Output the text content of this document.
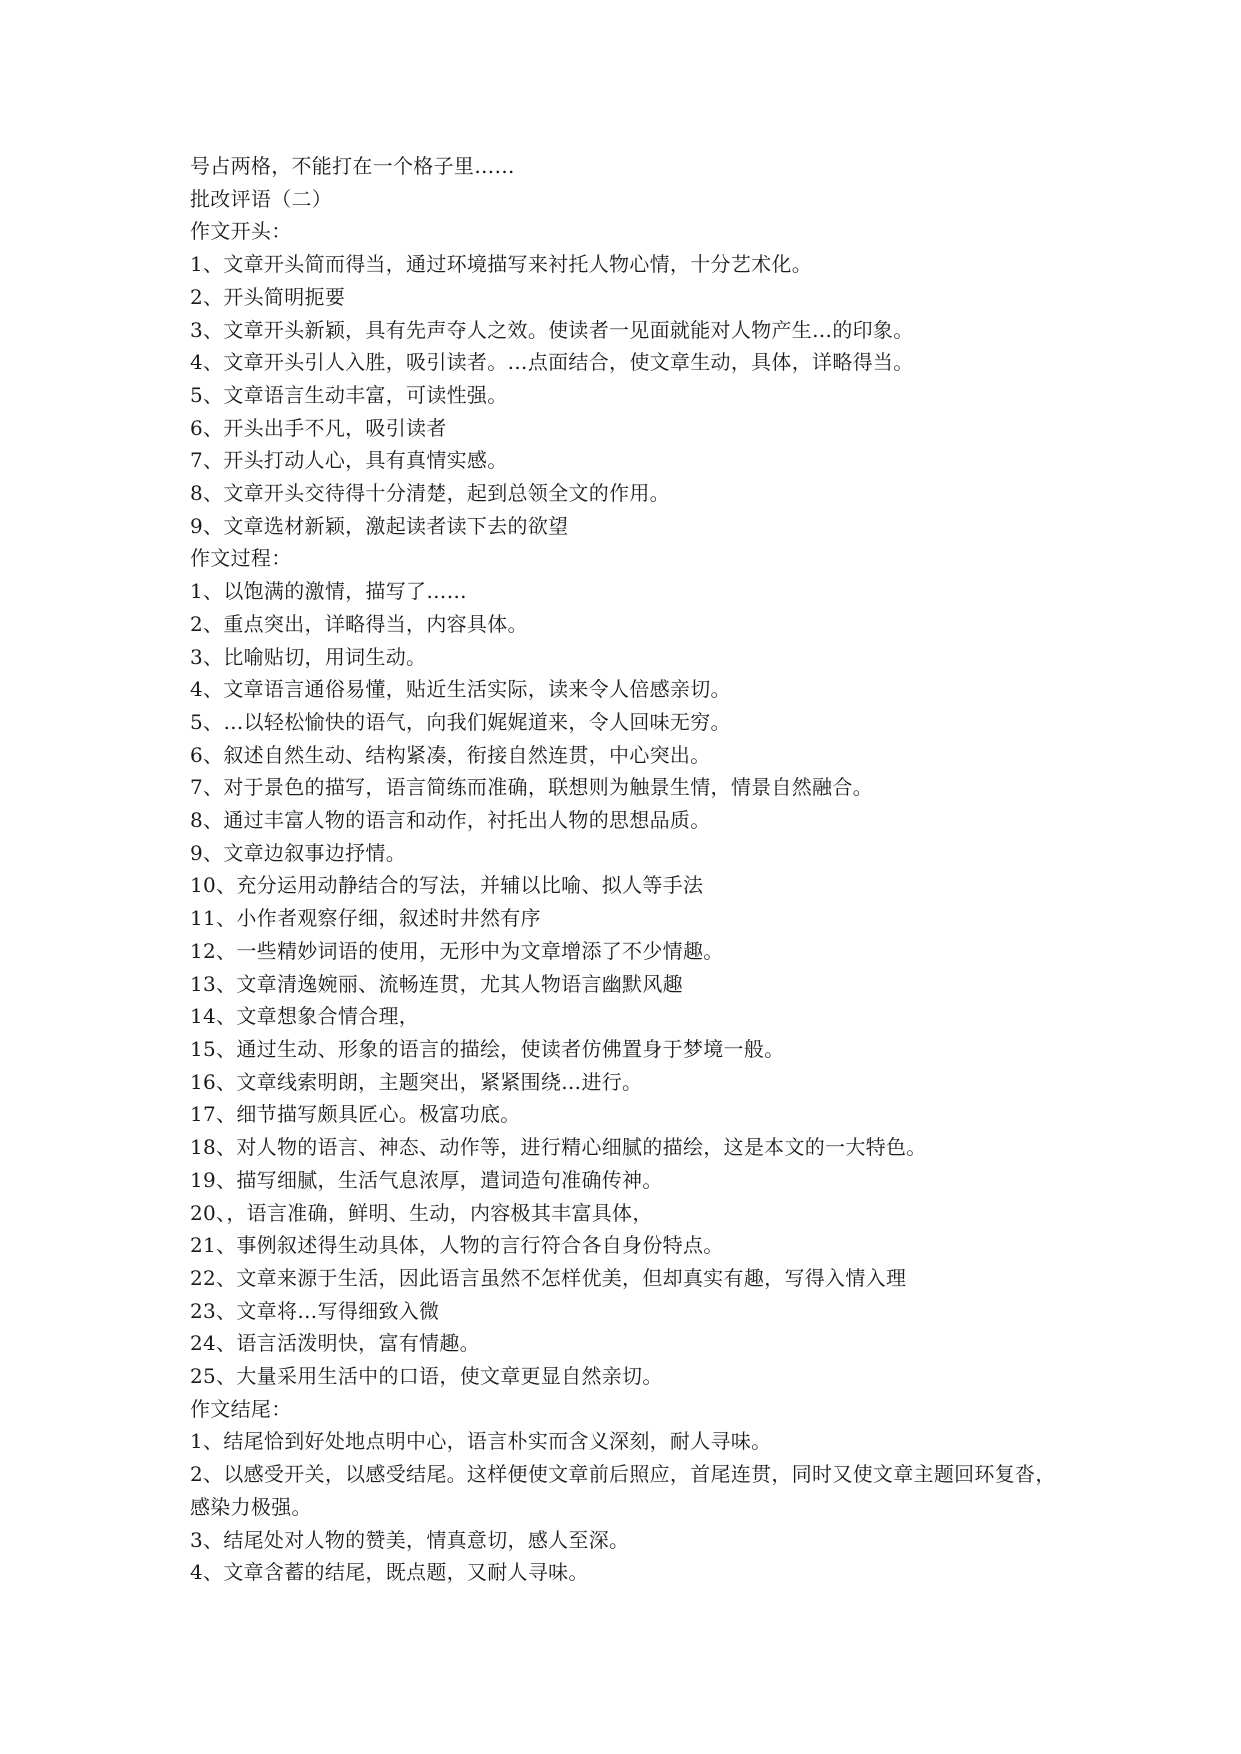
号占两格，不能打在一个格子里……
批改评语（二）
作文开头：
1、文章开头简而得当，通过环境描写来衬托人物心情，十分艺术化。
2、开头简明扼要
3、文章开头新颖，具有先声夺人之效。使读者一见面就能对人物产生…的印象。
4、文章开头引人入胜，吸引读者。…点面结合，使文章生动，具体，详略得当。
5、文章语言生动丰富，可读性强。
6、开头出手不凡，吸引读者
7、开头打动人心，具有真情实感。
8、文章开头交待得十分清楚，起到总领全文的作用。
9、文章选材新颖，激起读者读下去的欲望
作文过程：
1、以饱满的激情，描写了……
2、重点突出，详略得当，内容具体。
3、比喻贴切，用词生动。
4、文章语言通俗易懂，贴近生活实际，读来令人倍感亲切。
5、…以轻松愉快的语气，向我们娓娓道来，令人回味无穷。
6、叙述自然生动、结构紧凑，衔接自然连贯，中心突出。
7、对于景色的描写，语言简练而准确，联想则为触景生情，情景自然融合。
8、通过丰富人物的语言和动作，衬托出人物的思想品质。
9、文章边叙事边抒情。
10、充分运用动静结合的写法，并辅以比喻、拟人等手法
11、小作者观察仔细，叙述时井然有序
12、一些精妙词语的使用，无形中为文章增添了不少情趣。
13、文章清逸婉丽、流畅连贯，尤其人物语言幽默风趣
14、文章想象合情合理，
15、通过生动、形象的语言的描绘，使读者仿佛置身于梦境一般。
16、文章线索明朗，主题突出，紧紧围绕…进行。
17、细节描写颇具匠心。极富功底。
18、对人物的语言、神态、动作等，进行精心细腻的描绘，这是本文的一大特色。
19、描写细腻，生活气息浓厚，遣词造句准确传神。
20、，语言准确，鲜明、生动，内容极其丰富具体，
21、事例叙述得生动具体，人物的言行符合各自身份特点。
22、文章来源于生活，因此语言虽然不怎样优美，但却真实有趣，写得入情入理
23、文章将…写得细致入微
24、语言活泼明快，富有情趣。
25、大量采用生活中的口语，使文章更显自然亲切。
作文结尾：
1、结尾恰到好处地点明中心，语言朴实而含义深刻，耐人寻味。
2、以感受开关，以感受结尾。这样便使文章前后照应，首尾连贯，同时又使文章主题回环复沓，感染力极强。
3、结尾处对人物的赞美，情真意切，感人至深。
4、文章含蓄的结尾，既点题，又耐人寻味。
